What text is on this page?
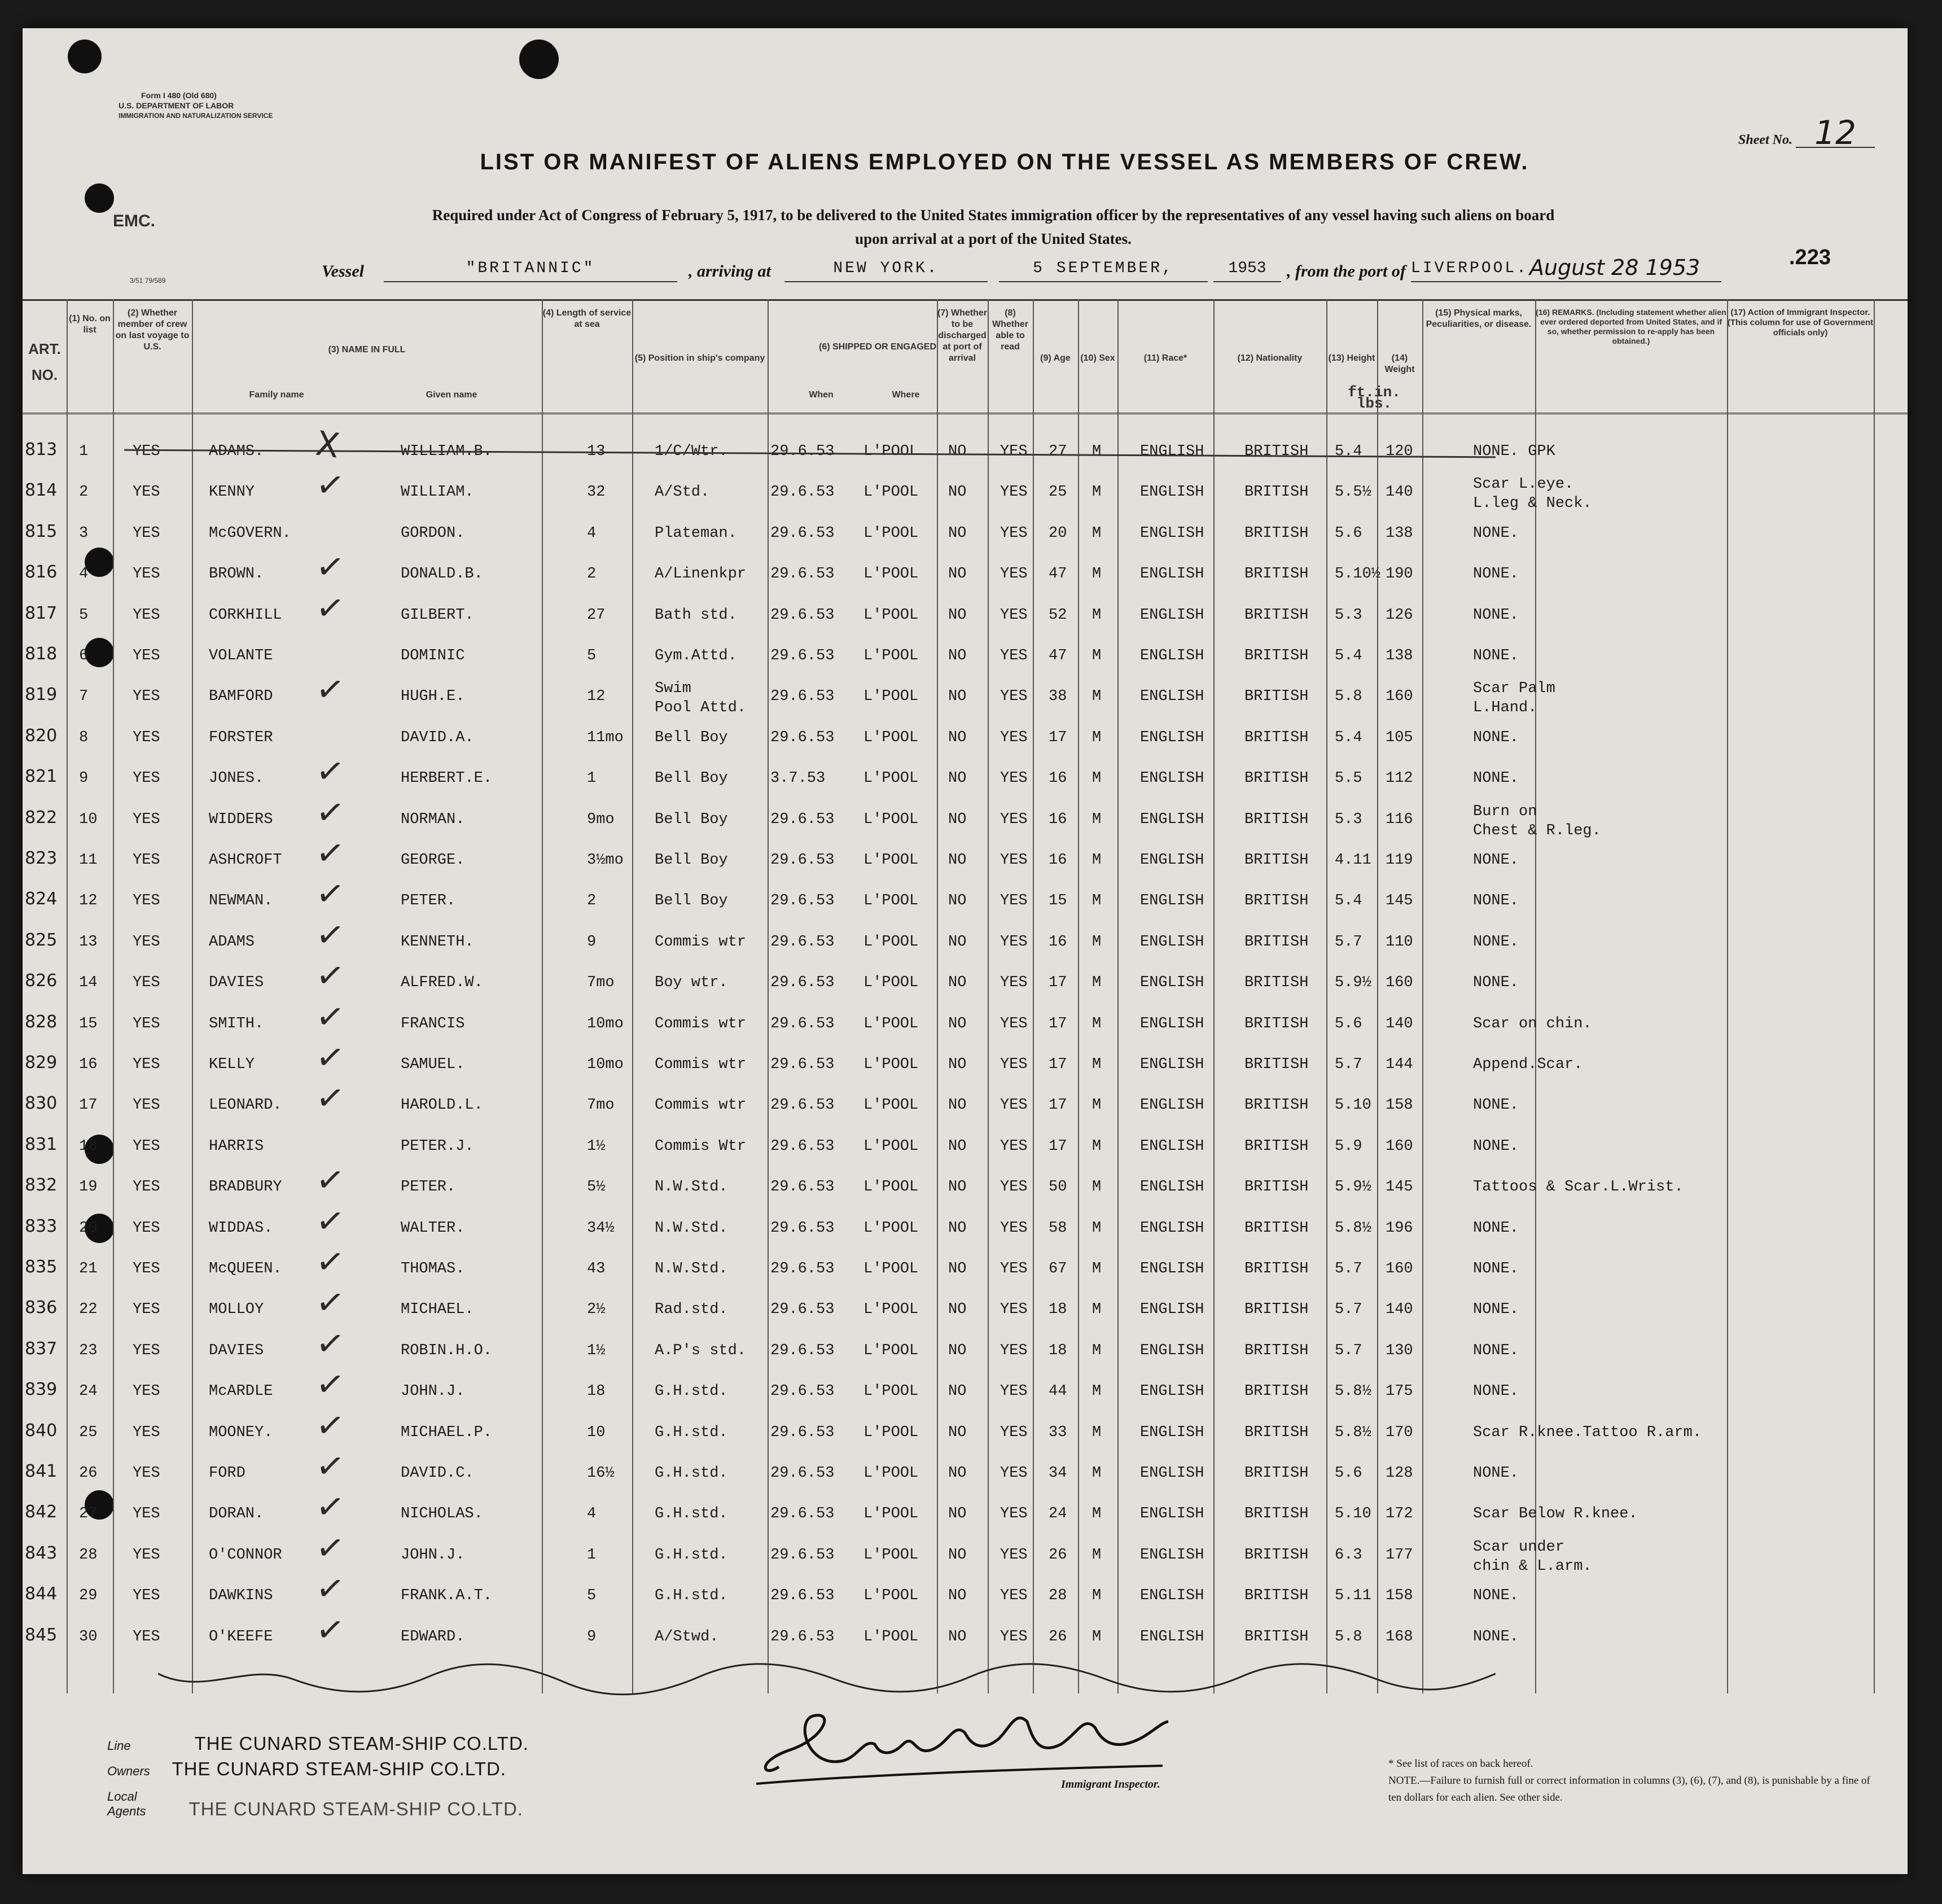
Form I 480 (Old 680)
U.S. DEPARTMENT OF LABOR
IMMIGRATION AND NATURALIZATION SERVICE
EMC.
3/51 79/589
Sheet No. 12
LIST OR MANIFEST OF ALIENS EMPLOYED ON THE VESSEL AS MEMBERS OF CREW.
Required under Act of Congress of February 5, 1917, to be delivered to the United States immigration officer by the representatives of any vessel having such aliens on board
upon arrival at a port of the United States.
Vessel	"BRITANNIC"	, arriving at	NEW YORK.	5 SEPTEMBER,	1953	, from the port of LIVERPOOL. August 28 1953	.223
ART. NO.
(1) No. on list
(2) Whether member of crew on last voyage to U.S.	(3) NAME IN FULL
Family name	Given name
(4) Length of service at sea
(5) Position in ship's company
(6) SHIPPED OR ENGAGED
When	Where
(7) Whether to be discharged at port of arrival
(8) Whether able to read
(9) Age	(10) Sex	(11) Race*	(12) Nationality	(13) Height	(14) Weight
ft.in. lbs.
(15) Physical marks, Peculiarities, or disease.
(16) REMARKS. (Including statement whether alien ever ordered deported from United States, and if so, whether permission to re-apply has been obtained.)
(17) Action of Immigrant Inspector. (This column for use of Government officials only)
813 1	YES	ADAMS. X	WILLIAM.B.	13	1/C/Wtr.	29.6.53 L'POOL NO YES 27 M	ENGLISH	BRITISH 5.4 120	NONE. GPK
814 2	YES	KENNY ✓	WILLIAM.	32	A/Std.	29.6.53 L'POOL NO YES 25 M	ENGLISH	BRITISH 5.5½ 140	Scar L.eye.
L.leg & Neck.
815 3	YES	McGOVERN.	GORDON.	4	Plateman. 29.6.53 L'POOL NO YES 20 M	ENGLISH	BRITISH 5.6 138	NONE.
816 4	YES	BROWN. ✓	DONALD.B.	2	A/Linenkpr 29.6.53 L'POOL NO YES 47 M	ENGLISH	BRITISH 5.10½ 190	NONE.
817 5	YES	CORKHILL ✓	GILBERT.	27	Bath std. 29.6.53 L'POOL NO YES 52 M	ENGLISH	BRITISH 5.3 126	NONE.
818 6	YES	VOLANTE	DOMINIC	5	Gym.Attd. 29.6.53 L'POOL NO YES 47 M	ENGLISH	BRITISH 5.4 138	NONE.
819 7	YES	BAMFORD ✓	HUGH.E.	12	Swim
Pool Attd.
29.6.53 L'POOL NO YES 38 M	ENGLISH	BRITISH 5.8 160	Scar Palm
L.Hand.
820 8	YES	FORSTER	DAVID.A.	11mo Bell Boy	29.6.53 L'POOL NO YES 17 M	ENGLISH	BRITISH 5.4 105	NONE.
821 9	YES	JONES. ✓	HERBERT.E.	1	Bell Boy	3.7.53	L'POOL NO YES 16 M	ENGLISH	BRITISH 5.5 112	NONE.
822 10 YES	WIDDERS ✓	NORMAN.	9mo	Bell Boy	29.6.53 L'POOL NO YES 16 M	ENGLISH	BRITISH 5.3 116	Burn on
Chest & R.leg.
823 11 YES	ASHCROFT ✓	GEORGE.	3½mo Bell Boy	29.6.53 L'POOL NO YES 16 M	ENGLISH	BRITISH 4.11 119	NONE.
824 12 YES	NEWMAN. ✓	PETER.	2	Bell Boy	29.6.53 L'POOL NO YES 15 M	ENGLISH	BRITISH 5.4 145	NONE.
825 13 YES	ADAMS ✓	KENNETH.	9	Commis wtr 29.6.53 L'POOL NO YES 16 M	ENGLISH	BRITISH 5.7 110	NONE.
826 14 YES	DAVIES ✓	ALFRED.W.	7mo	Boy wtr.	29.6.53 L'POOL NO YES 17 M	ENGLISH	BRITISH 5.9½ 160	NONE.
828 15 YES	SMITH. ✓	FRANCIS	10mo Commis wtr 29.6.53 L'POOL NO YES 17 M	ENGLISH	BRITISH 5.6 140	Scar on chin.
829 16 YES	KELLY ✓	SAMUEL.	10mo Commis wtr 29.6.53 L'POOL NO YES 17 M	ENGLISH	BRITISH 5.7 144	Append.Scar.
830 17 YES	LEONARD. ✓	HAROLD.L.	7mo	Commis wtr 29.6.53 L'POOL NO YES 17 M	ENGLISH	BRITISH 5.10 158	NONE.
831 18 YES	HARRIS	PETER.J.	1½	Commis Wtr 29.6.53 L'POOL NO YES 17 M	ENGLISH	BRITISH 5.9 160	NONE.
832 19 YES	BRADBURY ✓	PETER.	5½	N.W.Std.	29.6.53 L'POOL NO YES 50 M	ENGLISH	BRITISH 5.9½ 145	Tattoos & Scar.L.Wrist.
833 20 YES	WIDDAS. ✓	WALTER.	34½	N.W.Std.	29.6.53 L'POOL NO YES 58 M	ENGLISH	BRITISH 5.8½ 196	NONE.
835 21 YES	McQUEEN. ✓	THOMAS.	43	N.W.Std.	29.6.53 L'POOL NO YES 67 M	ENGLISH	BRITISH 5.7 160	NONE.
836 22 YES	MOLLOY ✓	MICHAEL.	2½	Rad.std.	29.6.53 L'POOL NO YES 18 M	ENGLISH	BRITISH 5.7 140	NONE.
837 23 YES	DAVIES ✓	ROBIN.H.O.	1½	A.P's std. 29.6.53 L'POOL NO YES 18 M	ENGLISH	BRITISH 5.7 130	NONE.
839 24 YES	McARDLE ✓	JOHN.J.	18	G.H.std.	29.6.53 L'POOL NO YES 44 M	ENGLISH	BRITISH 5.8½ 175	NONE.
840 25 YES	MOONEY. ✓	MICHAEL.P.	10	G.H.std.	29.6.53 L'POOL NO YES 33 M	ENGLISH	BRITISH 5.8½ 170	Scar R.knee.Tattoo R.arm.
841 26 YES	FORD ✓	DAVID.C.	16½	G.H.std.	29.6.53 L'POOL NO YES 34 M	ENGLISH	BRITISH 5.6 128	NONE.
842 27 YES	DORAN. ✓	NICHOLAS.	4	G.H.std.	29.6.53 L'POOL NO YES 24 M	ENGLISH	BRITISH 5.10 172	Scar Below R.knee.
843 28 YES	O'CONNOR ✓	JOHN.J.	1	G.H.std.	29.6.53 L'POOL NO YES 26 M	ENGLISH	BRITISH 6.3 177	Scar under
chin & L.arm.
844 29 YES	DAWKINS ✓	FRANK.A.T.	5	G.H.std.	29.6.53 L'POOL NO YES 28 M	ENGLISH	BRITISH 5.11 158	NONE.
845 30 YES	O'KEEFE ✓	EDWARD.	9	A/Stwd.	29.6.53 L'POOL NO YES 26 M	ENGLISH	BRITISH 5.8 168	NONE.
Line	THE CUNARD STEAM-SHIP CO.LTD.
Owners THE CUNARD STEAM-SHIP CO.LTD.
Local Agents THE CUNARD STEAM-SHIP CO.LTD.
Immigrant Inspector.
* See list of races on back hereof.
NOTE.—Failure to furnish full or correct information in columns (3), (6), (7), and (8), is punishable by a fine of ten dollars for each alien. See other side.
